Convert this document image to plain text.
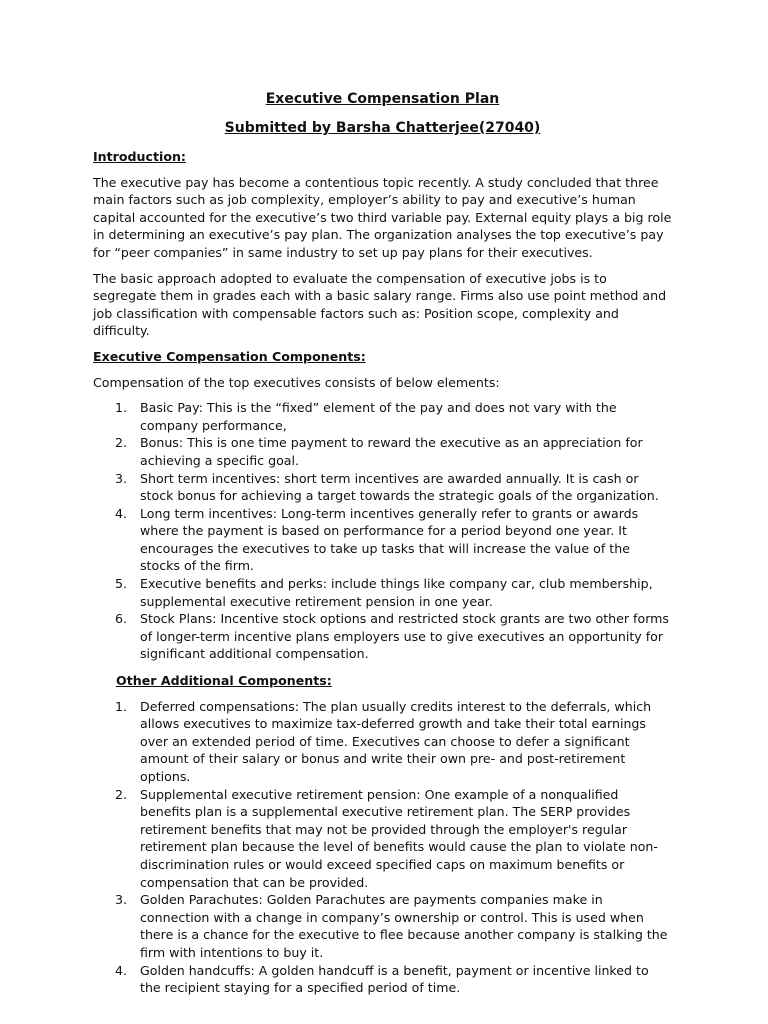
Executive Compensation Plan
Submitted by Barsha Chatterjee(27040)
Introduction:

The executive pay has become a contentious topic recently. A study concluded that three main factors such as job complexity, employer’s ability to pay and executive’s human capital accounted for the executive’s two third variable pay. External equity plays a big role in determining an executive’s pay plan. The organization analyses the top executive’s pay for “peer companies” in same industry to set up pay plans for their executives.

The basic approach adopted to evaluate the compensation of executive jobs is to segregate them in grades each with a basic salary range. Firms also use point method and job classification with compensable factors such as: Position scope, complexity and difficulty.

Executive Compensation Components:

Compensation of the top executives consists of below elements:

1. Basic Pay: This is the “fixed” element of the pay and does not vary with the company performance,
2. Bonus: This is one time payment to reward the executive as an appreciation for achieving a specific goal.
3. Short term incentives: short term incentives are awarded annually. It is cash or stock bonus for achieving a target towards the strategic goals of the organization.
4. Long term incentives: Long-term incentives generally refer to grants or awards where the payment is based on performance for a period beyond one year. It encourages the executives to take up tasks that will increase the value of the stocks of the firm.
5. Executive benefits and perks: include things like company car, club membership, supplemental executive retirement pension in one year.
6. Stock Plans: Incentive stock options and restricted stock grants are two other forms of longer-term incentive plans employers use to give executives an opportunity for significant additional compensation.
Other Additional Components:
1. Deferred compensations: The plan usually credits interest to the deferrals, which allows executives to maximize tax-deferred growth and take their total earnings over an extended period of time. Executives can choose to defer a significant amount of their salary or bonus and write their own pre- and post-retirement options.
2. Supplemental executive retirement pension: One example of a nonqualified benefits plan is a supplemental executive retirement plan. The SERP provides retirement benefits that may not be provided through the employer's regular retirement plan because the level of benefits would cause the plan to violate non-discrimination rules or would exceed specified caps on maximum benefits or compensation that can be provided.
3. Golden Parachutes: Golden Parachutes are payments companies make in connection with a change in company’s ownership or control. This is used when there is a chance for the executive to flee because another company is stalking the firm with intentions to buy it.
4. Golden handcuffs: A golden handcuff is a benefit, payment or incentive linked to the recipient staying for a specified period of time.
